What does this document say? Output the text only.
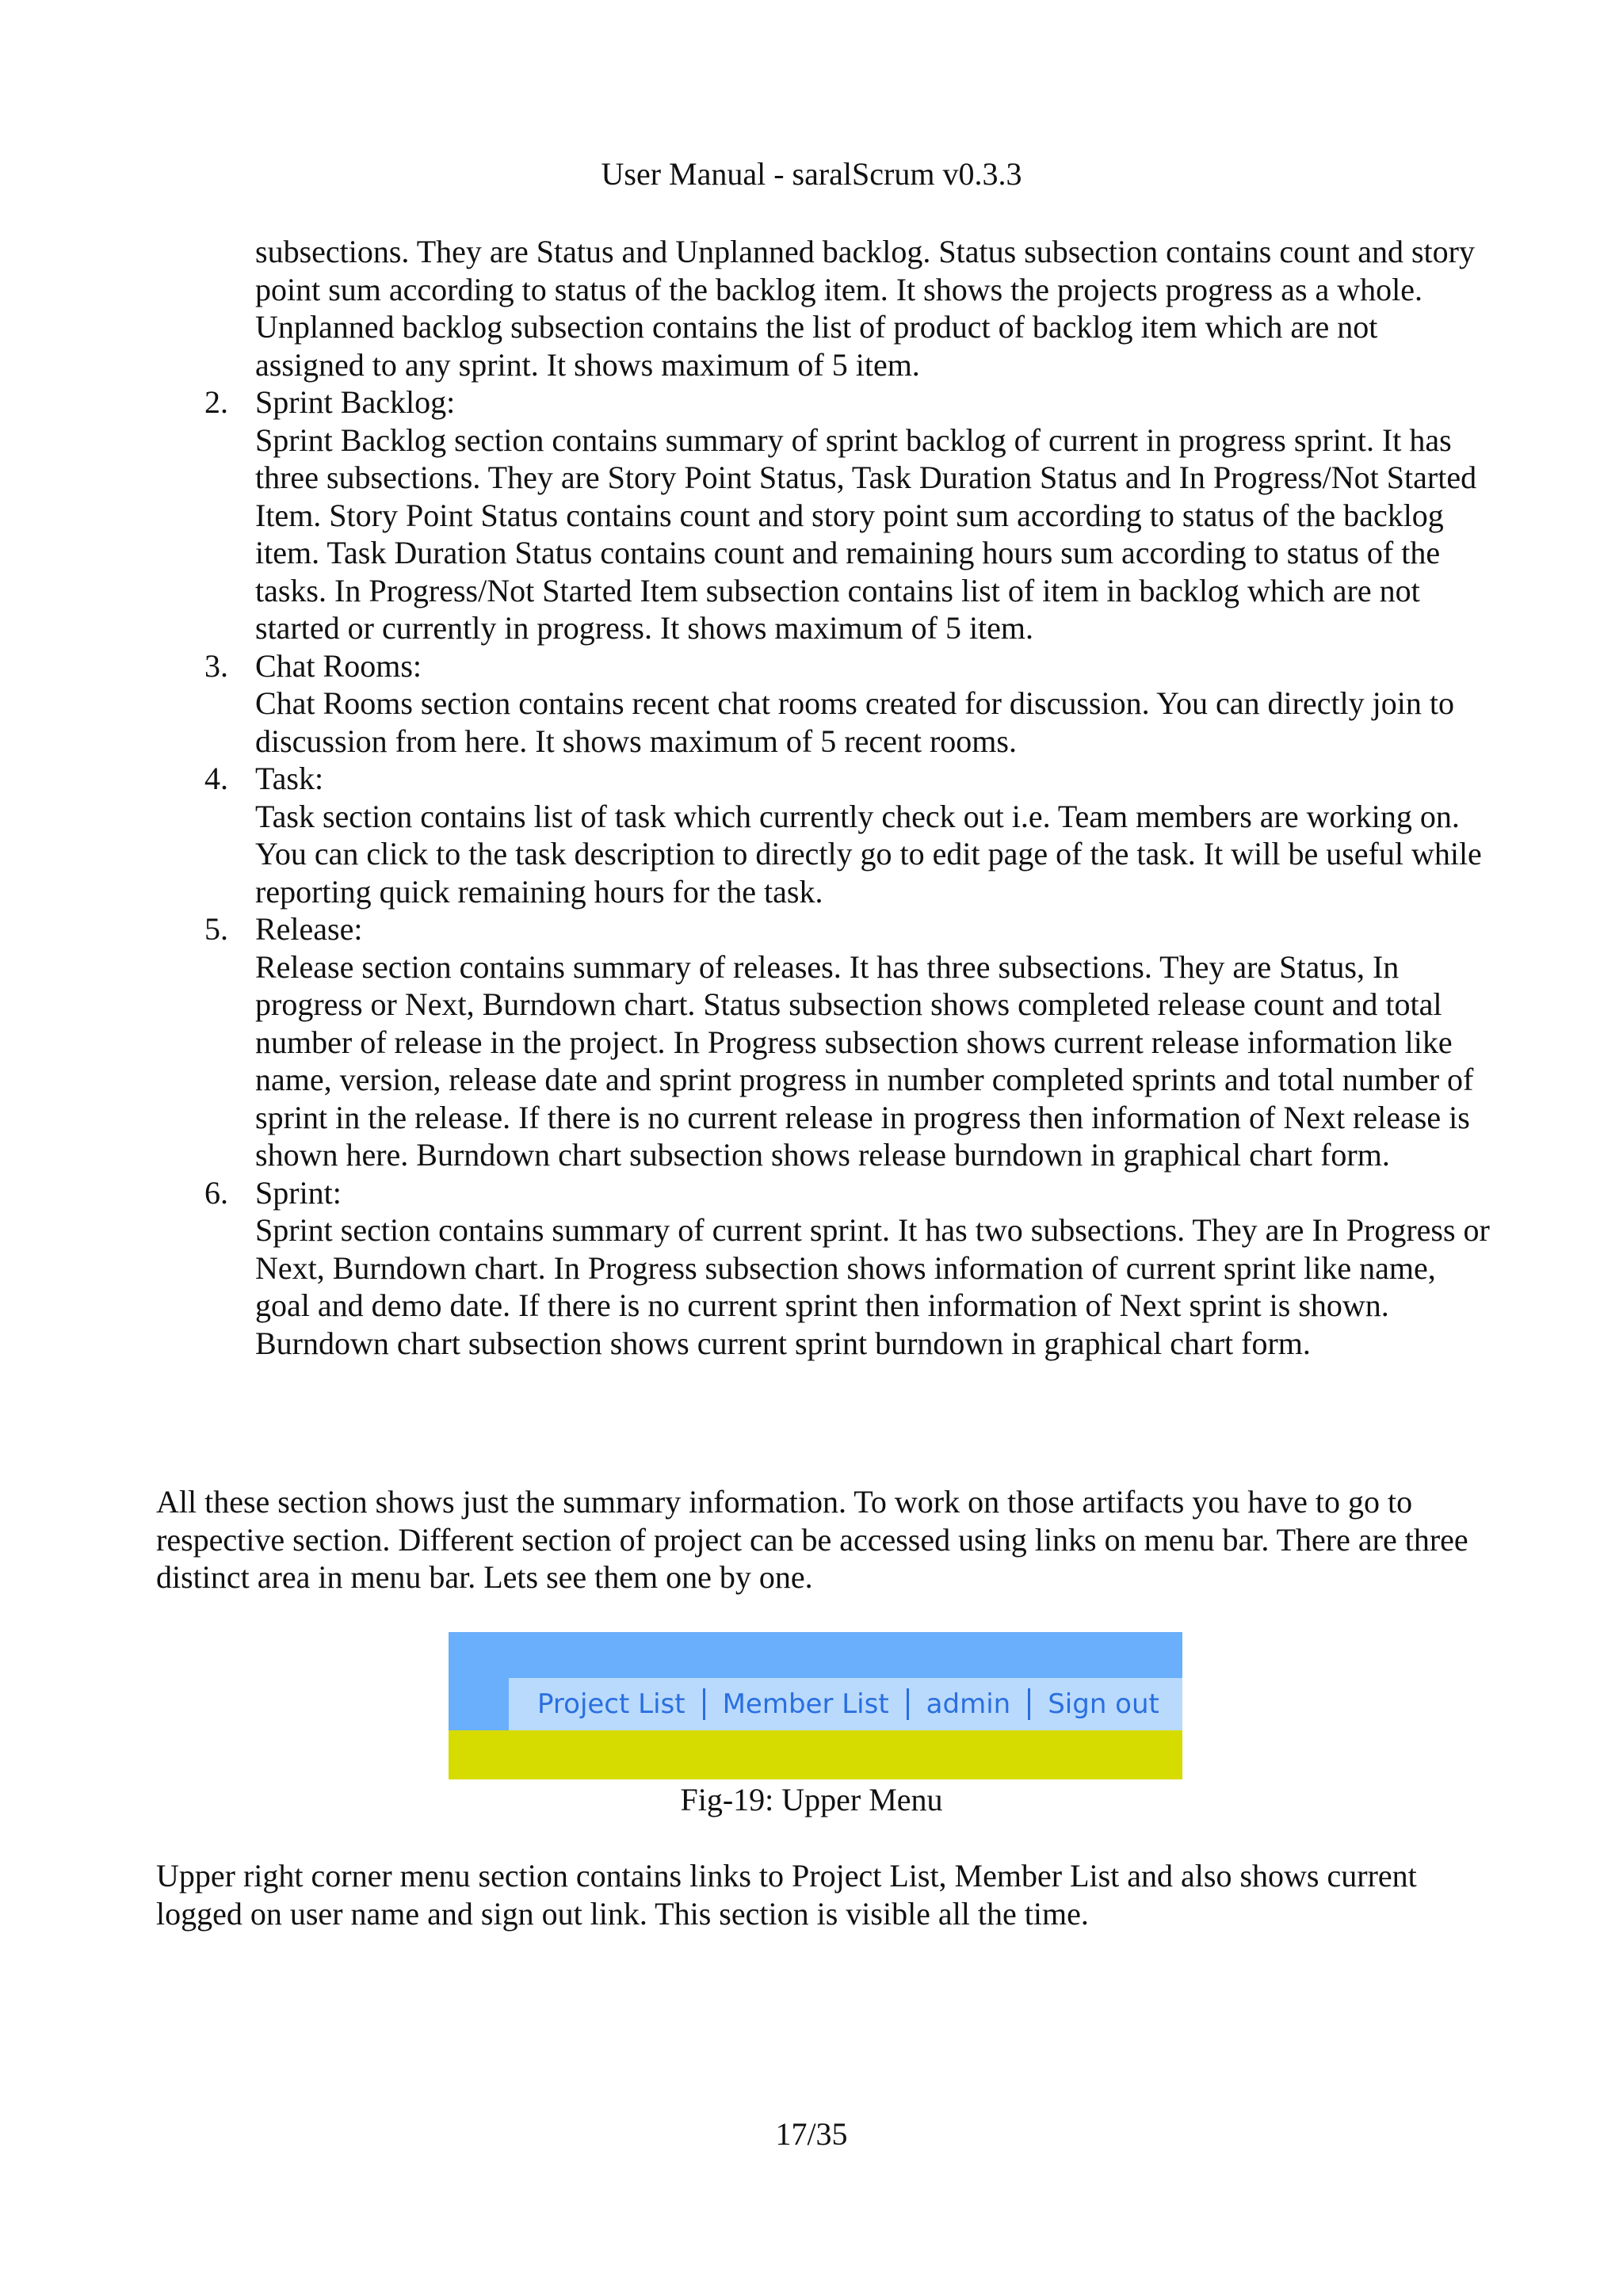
User Manual - saralScrum v0.3.3

subsections. They are Status and Unplanned backlog. Status subsection contains count and story point sum according to status of the backlog item. It shows the projects progress as a whole. Unplanned backlog subsection contains the list of product of backlog item which are not assigned to any sprint. It shows maximum of 5 item.

2. Sprint Backlog:

Sprint Backlog section contains summary of sprint backlog of current in progress sprint. It has three subsections. They are Story Point Status, Task Duration Status and In Progress/Not Started Item. Story Point Status contains count and story point sum according to status of the backlog item. Task Duration Status contains count and remaining hours sum according to status of the tasks. In Progress/Not Started Item subsection contains list of item in backlog which are not started or currently in progress. It shows maximum of 5 item.

3. Chat Rooms:

Chat Rooms section contains recent chat rooms created for discussion. You can directly join to discussion from here. It shows maximum of 5 recent rooms.

4. Task:

Task section contains list of task which currently check out i.e. Team members are working on. You can click to the task description to directly go to edit page of the task. It will be useful while reporting quick remaining hours for the task.

5. Release:

Release section contains summary of releases. It has three subsections. They are Status, In progress or Next, Burndown chart. Status subsection shows completed release count and total number of release in the project. In Progress subsection shows current release information like name, version, release date and sprint progress in number completed sprints and total number of sprint in the release. If there is no current release in progress then information of Next release is shown here. Burndown chart subsection shows release burndown in graphical chart form.

6. Sprint:

Sprint section contains summary of current sprint. It has two subsections. They are In Progress or Next, Burndown chart. In Progress subsection shows information of current sprint like name, goal and demo date. If there is no current sprint then information of Next sprint is shown. Burndown chart subsection shows current sprint burndown in graphical chart form.

All these section shows just the summary information. To work on those artifacts you have to go to respective section. Different section of project can be accessed using links on menu bar. There are three distinct area in menu bar. Lets see them one by one.

Project List	Member List	admin	Sign out
Fig-19: Upper Menu

Upper right corner menu section contains links to Project List, Member List and also shows current logged on user name and sign out link. This section is visible all the time.

17/35
